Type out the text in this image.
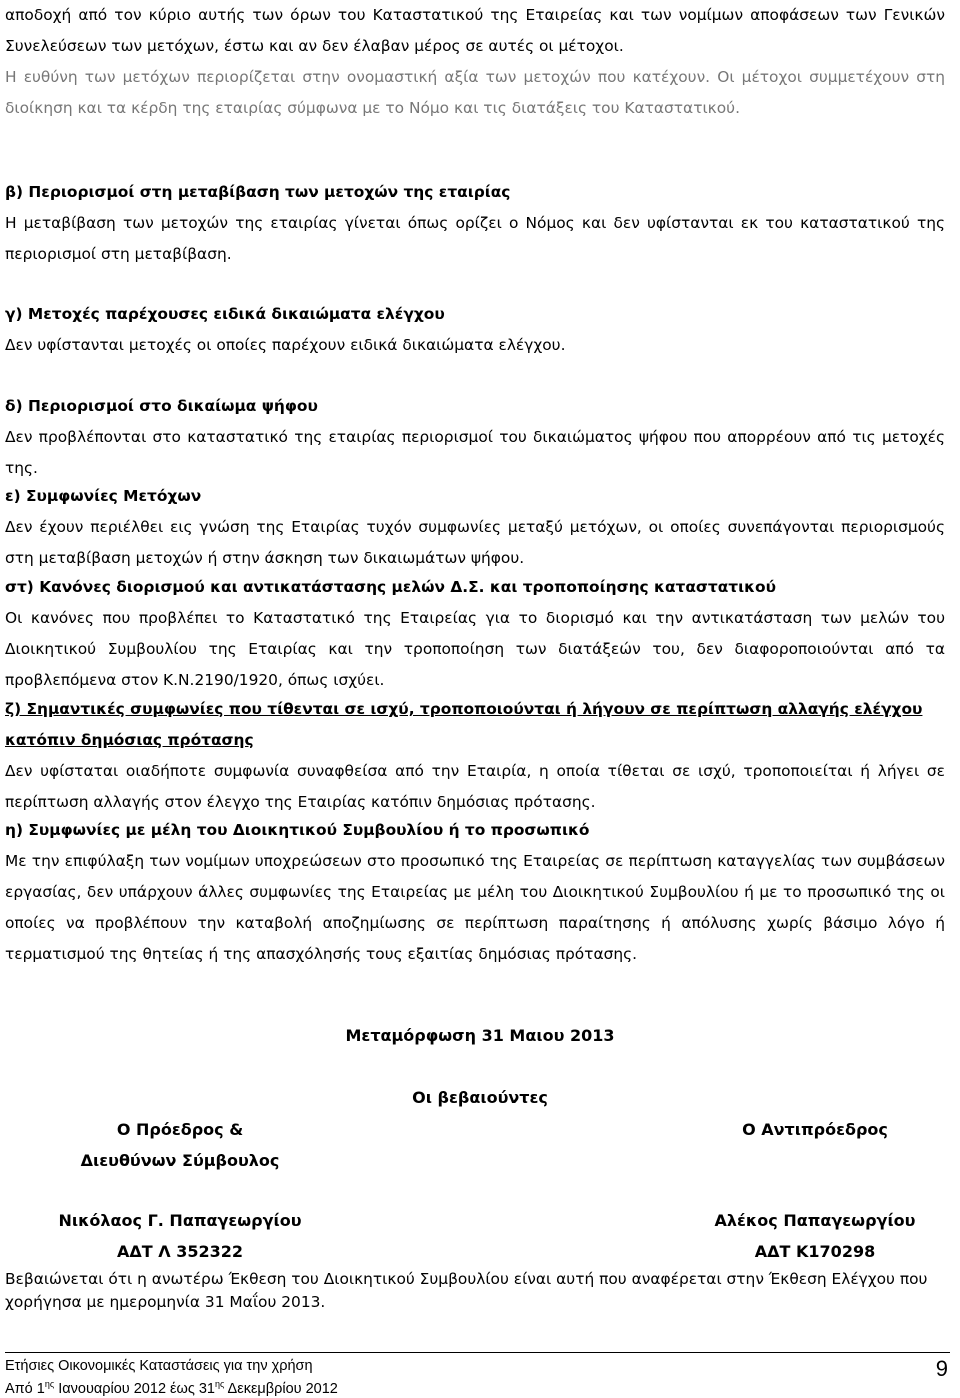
αποδοχή από τον κύριο αυτής των όρων του Καταστατικού της Εταιρείας και των νομίμων αποφάσεων των Γενικών Συνελεύσεων των μετόχων, έστω και αν δεν έλαβαν μέρος σε αυτές οι μέτοχοι.

Η ευθύνη των μετόχων περιορίζεται στην ονομαστική αξία των μετοχών που κατέχουν. Οι μέτοχοι συμμετέχουν στη διοίκηση και τα κέρδη της εταιρίας σύμφωνα με το Νόμο και τις διατάξεις του Καταστατικού.

β) Περιορισμοί στη μεταβίβαση των μετοχών της εταιρίας

Η μεταβίβαση των μετοχών της εταιρίας γίνεται όπως ορίζει ο Νόμος και δεν υφίστανται εκ του καταστατικού της περιορισμοί στη μεταβίβαση.

γ) Μετοχές παρέχουσες ειδικά δικαιώματα ελέγχου

Δεν υφίστανται μετοχές οι οποίες παρέχουν ειδικά δικαιώματα ελέγχου.

δ) Περιορισμοί στο δικαίωμα ψήφου

Δεν προβλέπονται στο καταστατικό της εταιρίας περιορισμοί του δικαιώματος ψήφου που απορρέουν από τις μετοχές της.

ε) Συμφωνίες Μετόχων

Δεν έχουν περιέλθει εις γνώση της Εταιρίας τυχόν συμφωνίες μεταξύ μετόχων, οι οποίες συνεπάγονται περιορισμούς στη μεταβίβαση μετοχών ή στην άσκηση των δικαιωμάτων ψήφου.

στ) Κανόνες διορισμού και αντικατάστασης μελών Δ.Σ. και τροποποίησης καταστατικού

Οι κανόνες που προβλέπει το Καταστατικό της Εταιρείας για το διορισμό και την αντικατάσταση των μελών του Διοικητικού Συμβουλίου της Εταιρίας και την τροποποίηση των διατάξεών του, δεν διαφοροποιούνται από τα προβλεπόμενα στον Κ.Ν.2190/1920, όπως ισχύει.

ζ) Σημαντικές συμφωνίες που τίθενται σε ισχύ, τροποποιούνται ή λήγουν σε περίπτωση αλλαγής ελέγχου κατόπιν δημόσιας πρότασης

Δεν υφίσταται οιαδήποτε συμφωνία συναφθείσα από την Εταιρία, η οποία τίθεται σε ισχύ, τροποποιείται ή λήγει σε περίπτωση αλλαγής στον έλεγχο της Εταιρίας κατόπιν δημόσιας πρότασης.

η) Συμφωνίες με μέλη του Διοικητικού Συμβουλίου ή το προσωπικό

Με την επιφύλαξη των νομίμων υποχρεώσεων στο προσωπικό της Εταιρείας σε περίπτωση καταγγελίας των συμβάσεων εργασίας, δεν υπάρχουν άλλες συμφωνίες της Εταιρείας με μέλη του Διοικητικού Συμβουλίου ή με το προσωπικό της οι οποίες να προβλέπουν την καταβολή αποζημίωσης σε περίπτωση παραίτησης ή απόλυσης χωρίς βάσιμο λόγο ή τερματισμού της θητείας ή της απασχόλησής τους εξαιτίας δημόσιας πρότασης.

Μεταμόρφωση 31 Μαιου 2013
Οι βεβαιούντες
Ο Πρόεδρος &
Διευθύνων Σύμβουλος
Νικόλαος Γ. Παπαγεωργίου
ΑΔΤ Λ 352322
Ο Αντιπρόεδρος
Αλέκος Παπαγεωργίου
ΑΔΤ Κ170298

Βεβαιώνεται ότι η ανωτέρω Έκθεση του Διοικητικού Συμβουλίου είναι αυτή που αναφέρεται στην Έκθεση Ελέγχου που χορήγησα με ημερομηνία 31 Μαΐου 2013.

Ετήσιες Οικονομικές Καταστάσεις για την χρήση
Από $1^{\eta\varsigma}$ Ιανουαρίου 2012 έως $31^{\eta\varsigma}$ Δεκεμβρίου 2012
9
